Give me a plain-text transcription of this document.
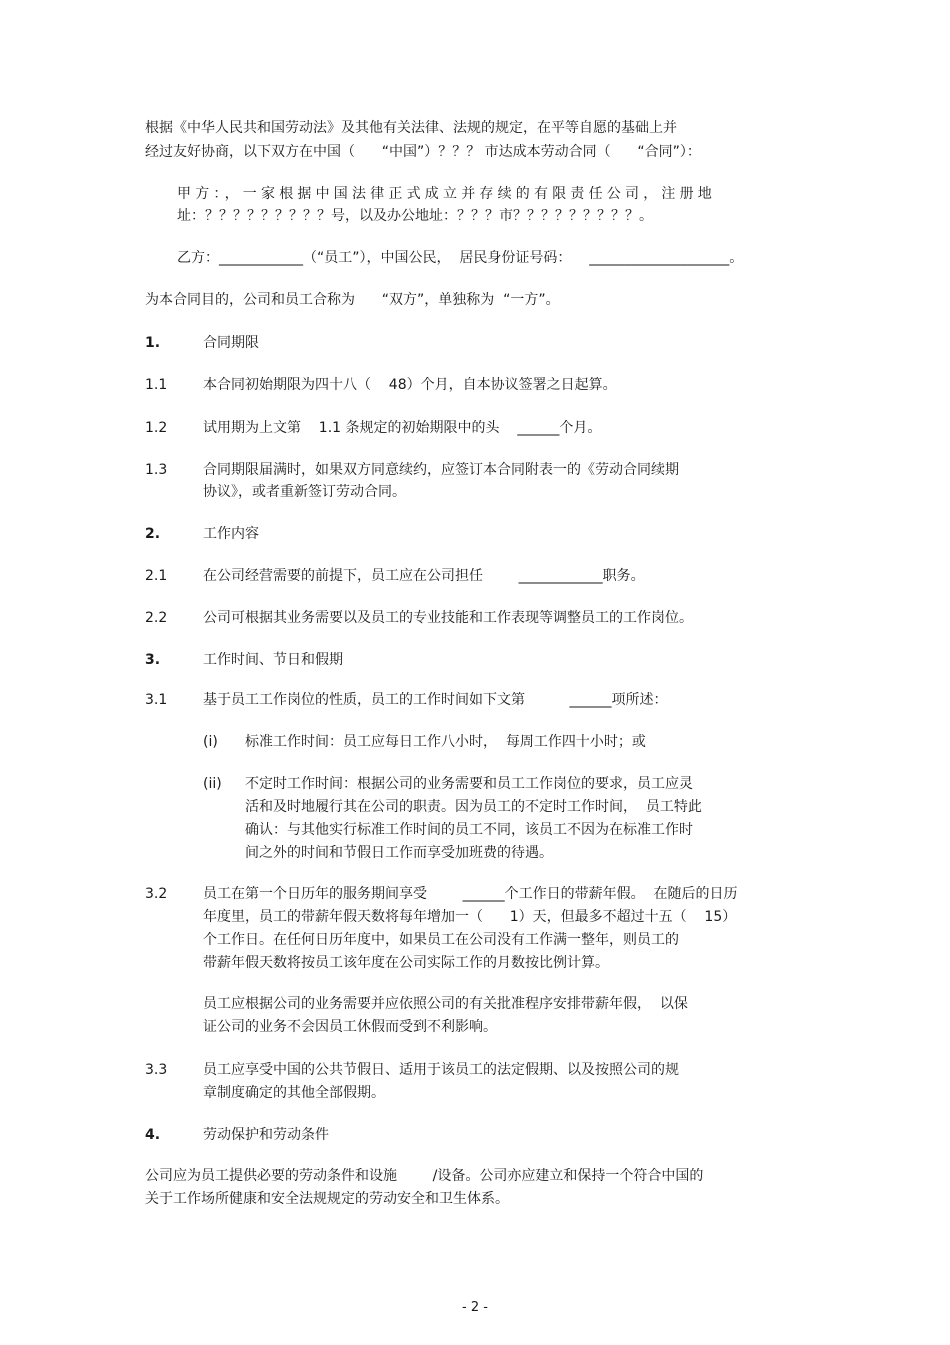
根据《中华人民共和国劳动法》及其他有关法律、法规的规定，在平等自愿的基础上并
经过友好协商，以下双方在中国（      “中国”）？？？ 市达成本劳动合同（      “合同”）：
甲方：，一家根据中国法律正式成立并存续的有限责任公司，注册地
址：？？？？？？？？？号，以及办公地址：？？？市？？？？？？？？？。
乙方：____________（“员工”），中国公民，  居民身份证号码：    ____________________。
为本合同目的，公司和员工合称为      “双方”，单独称为  “一方”。
1.	合同期限
1.1	本合同初始期限为四十八（    48）个月，自本协议签署之日起算。
1.2	试用期为上文第    1.1 条规定的初始期限中的头    ______个月。
1.3	合同期限届满时，如果双方同意续约，应签订本合同附表一的《劳动合同续期
协议》，或者重新签订劳动合同。
2.	工作内容
2.1	在公司经营需要的前提下，员工应在公司担任        ____________职务。
2.2	公司可根据其业务需要以及员工的专业技能和工作表现等调整员工的工作岗位。
3.	工作时间、节日和假期
3.1	基于员工工作岗位的性质，员工的工作时间如下文第          ______项所述：
(i) 标准工作时间：员工应每日工作八小时，  每周工作四十小时；或
(ii) 不定时工作时间：根据公司的业务需要和员工工作岗位的要求，员工应灵
活和及时地履行其在公司的职责。因为员工的不定时工作时间，  员工特此
确认：与其他实行标准工作时间的员工不同，该员工不因为在标准工作时
间之外的时间和节假日工作而享受加班费的待遇。
3.2	员工在第一个日历年的服务期间享受        ______个工作日的带薪年假。  在随后的日历
年度里，员工的带薪年假天数将每年增加一（      1）天，但最多不超过十五（    15）
个工作日。在任何日历年度中，如果员工在公司没有工作满一整年，则员工的
带薪年假天数将按员工该年度在公司实际工作的月数按比例计算。
员工应根据公司的业务需要并应依照公司的有关批准程序安排带薪年假，  以保
证公司的业务不会因员工休假而受到不利影响。
3.3	员工应享受中国的公共节假日、适用于该员工的法定假期、以及按照公司的规
章制度确定的其他全部假期。
4.	劳动保护和劳动条件
公司应为员工提供必要的劳动条件和设施        /设备。公司亦应建立和保持一个符合中国的
关于工作场所健康和安全法规规定的劳动安全和卫生体系。
- 2 -
